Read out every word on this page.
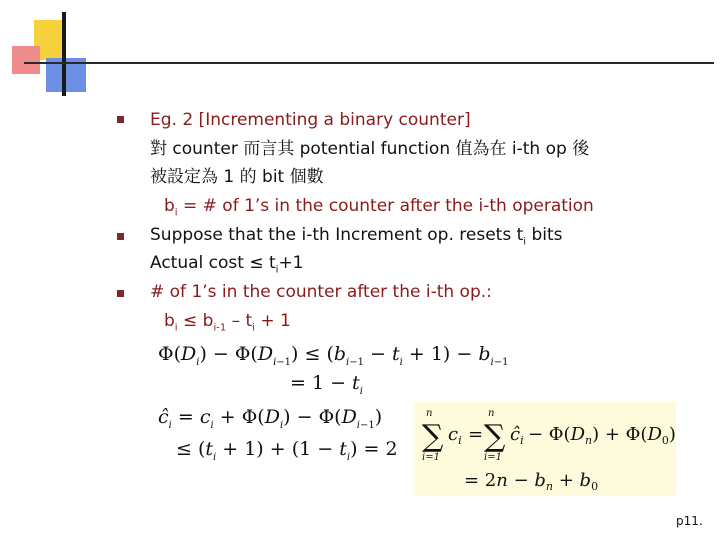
Eg. 2 [Incrementing a binary counter]
對 counter 而言其 potential function 值為在 i-th op 後
被設定為 1 的 bit 個數
$b_i$ = # of 1’s in the counter after the i-th operation
Suppose that the i-th Increment op. resets $t_i$ bits
Actual $\cos t \le t_i+1$
# of 1’s in the counter after the i-th op.:
$b_i \le b_{i-1} - t_i + 1$
$\Phi(D_i) - \Phi(D_{i-1}) \le (b_{i-1} - t_i + 1) - b_{i-1}$
= $1 - t_i$
$ĉ_i = c_i + \Phi(D_i) - \Phi(D_{i-1})$
≤ $(t_i + 1) + (1 - t_i) = 2$ ∑
n
i=1
$c_i$ = ∑
n
i=1
$ĉ_i - \Phi(D_n) + \Phi(D_0)$
= $2n - b_n + b_0$
p11.
